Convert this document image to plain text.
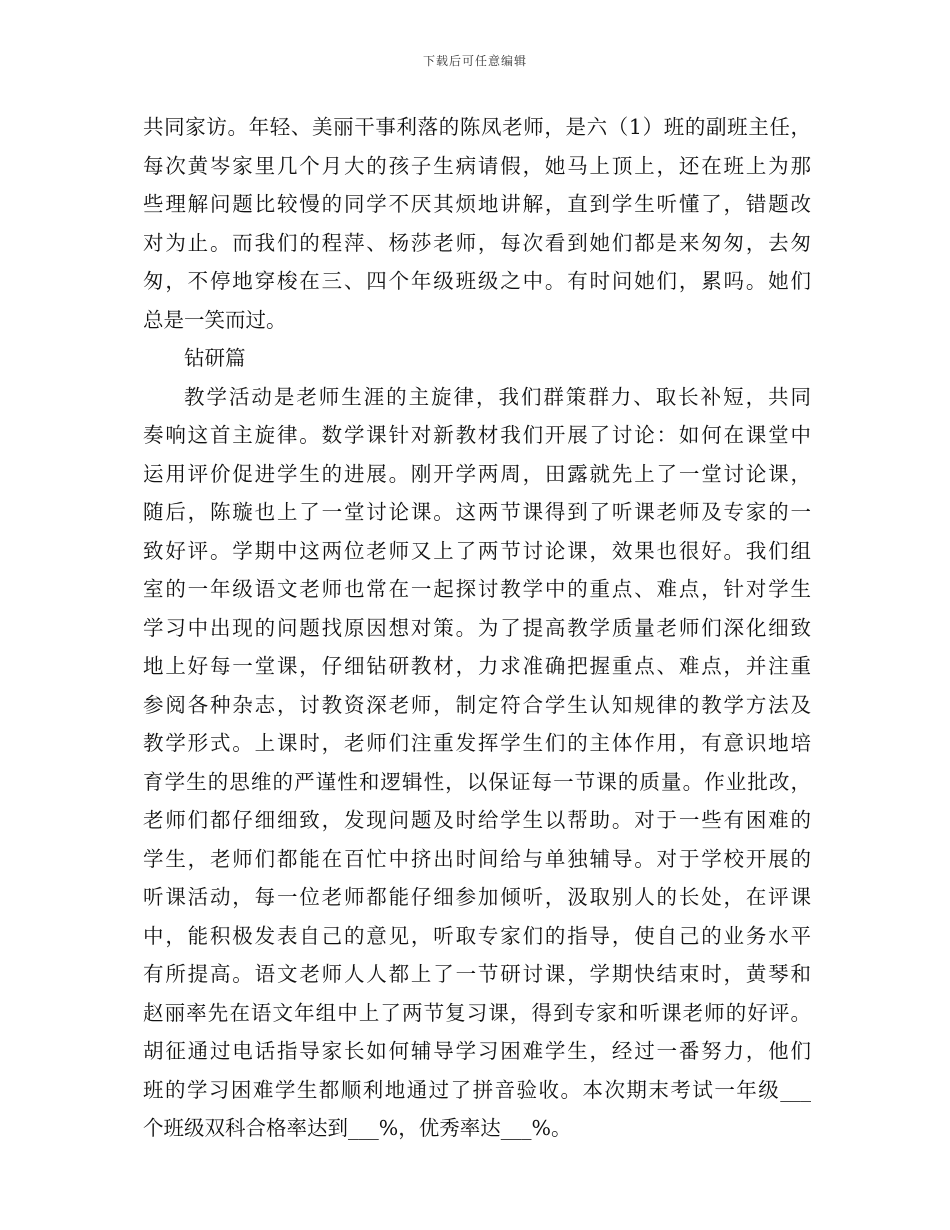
下载后可任意编辑
共同家访。年轻、美丽干事利落的陈凤老师，是六（1）班的副班主任，
每次黄岑家里几个月大的孩子生病请假，她马上顶上，还在班上为那
些理解问题比较慢的同学不厌其烦地讲解，直到学生听懂了，错题改
对为止。而我们的程萍、杨莎老师，每次看到她们都是来匆匆，去匆
匆，不停地穿梭在三、四个年级班级之中。有时问她们，累吗。她们
总是一笑而过。
钻研篇
教学活动是老师生涯的主旋律，我们群策群力、取长补短，共同
奏响这首主旋律。数学课针对新教材我们开展了讨论：如何在课堂中
运用评价促进学生的进展。刚开学两周，田露就先上了一堂讨论课，
随后，陈璇也上了一堂讨论课。这两节课得到了听课老师及专家的一
致好评。学期中这两位老师又上了两节讨论课，效果也很好。我们组
室的一年级语文老师也常在一起探讨教学中的重点、难点，针对学生
学习中出现的问题找原因想对策。为了提高教学质量老师们深化细致
地上好每一堂课，仔细钻研教材，力求准确把握重点、难点，并注重
参阅各种杂志，讨教资深老师，制定符合学生认知规律的教学方法及
教学形式。上课时，老师们注重发挥学生们的主体作用，有意识地培
育学生的思维的严谨性和逻辑性，以保证每一节课的质量。作业批改，
老师们都仔细细致，发现问题及时给学生以帮助。对于一些有困难的
学生，老师们都能在百忙中挤出时间给与单独辅导。对于学校开展的
听课活动，每一位老师都能仔细参加倾听，汲取别人的长处，在评课
中，能积极发表自己的意见，听取专家们的指导，使自己的业务水平
有所提高。语文老师人人都上了一节研讨课，学期快结束时，黄琴和
赵丽率先在语文年组中上了两节复习课，得到专家和听课老师的好评。
胡征通过电话指导家长如何辅导学习困难学生，经过一番努力，他们
班的学习困难学生都顺利地通过了拼音验收。本次期末考试一年级___
个班级双科合格率达到___%，优秀率达___%。
